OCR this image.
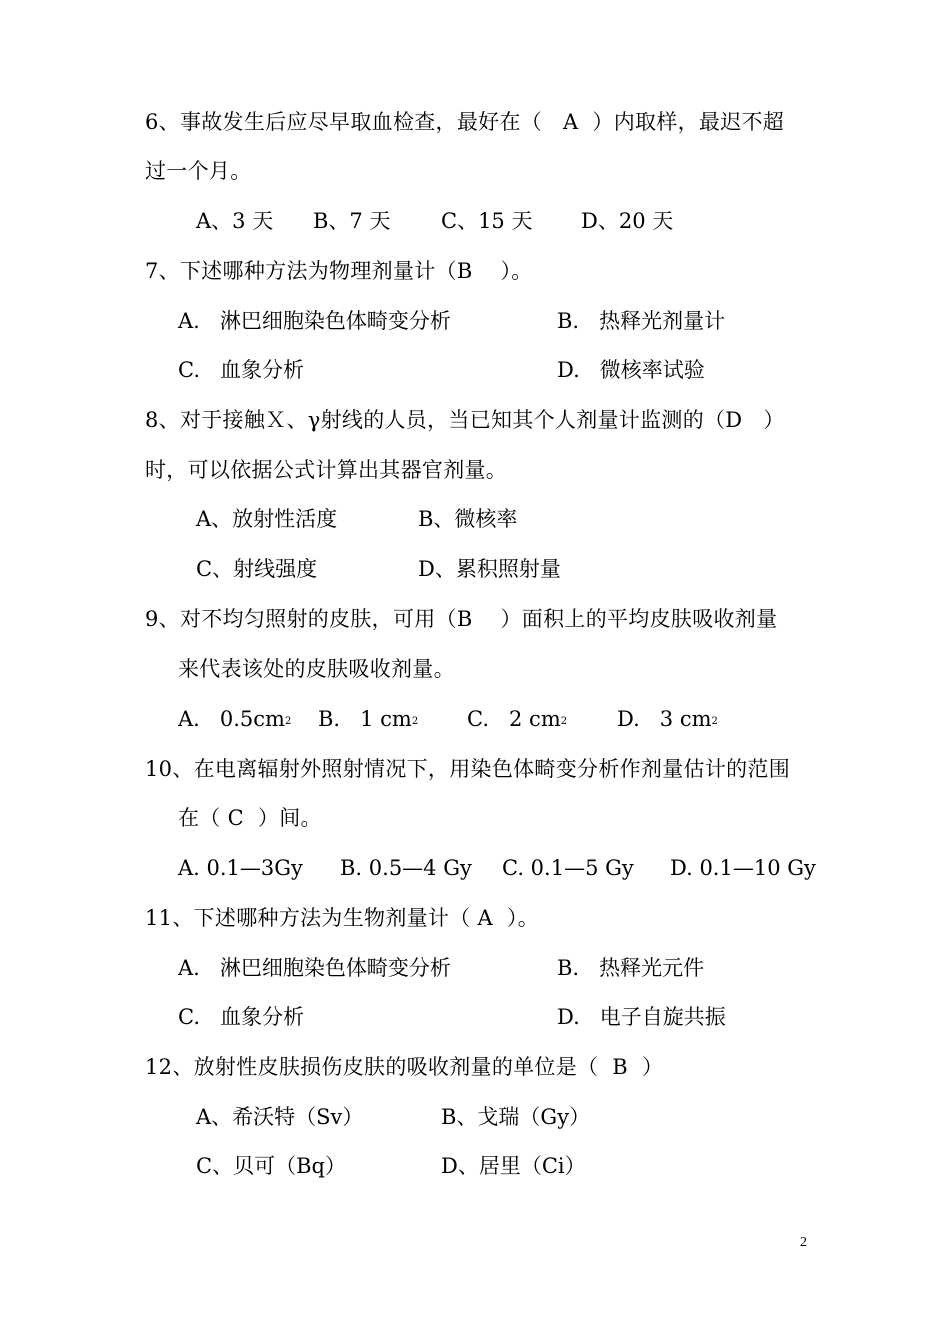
6、事故发生后应尽早取血检查，最好在（   A  ）内取样，最迟不超
过一个月。
A、3 天 B、7 天 C、15 天 D、20 天
7、下述哪种方法为物理剂量计（B    ）。
A.   淋巴细胞染色体畸变分析	B.   热释光剂量计
C.   血象分析	D.   微核率试验
8、对于接触Ｘ、γ射线的人员，当已知其个人剂量计监测的（D   ）
时，可以依据公式计算出其器官剂量。
A、放射性活度	B、微核率
C、射线强度	D、累积照射量
9、对不均匀照射的皮肤，可用（B    ）面积上的平均皮肤吸收剂量
来代表该处的皮肤吸收剂量。
A.   $0.5cm^2$ B.   1 $cm^2$ C.   2 $cm^2$ D.   3 $cm^2$
10、在电离辐射外照射情况下，用染色体畸变分析作剂量估计的范围
在（ C  ）间。
A. 0.1—3Gy B. 0.5—4 Gy C. 0.1—5 Gy D. 0.1—10 Gy
11、下述哪种方法为生物剂量计（ A  ）。
A.   淋巴细胞染色体畸变分析	B.   热释光元件
C.   血象分析	D.   电子自旋共振
12、放射性皮肤损伤皮肤的吸收剂量的单位是（  B  ）
A、希沃特（Sv）	B、戈瑞（Gy）
C、贝可（Bq）	D、居里（Ci）
2
